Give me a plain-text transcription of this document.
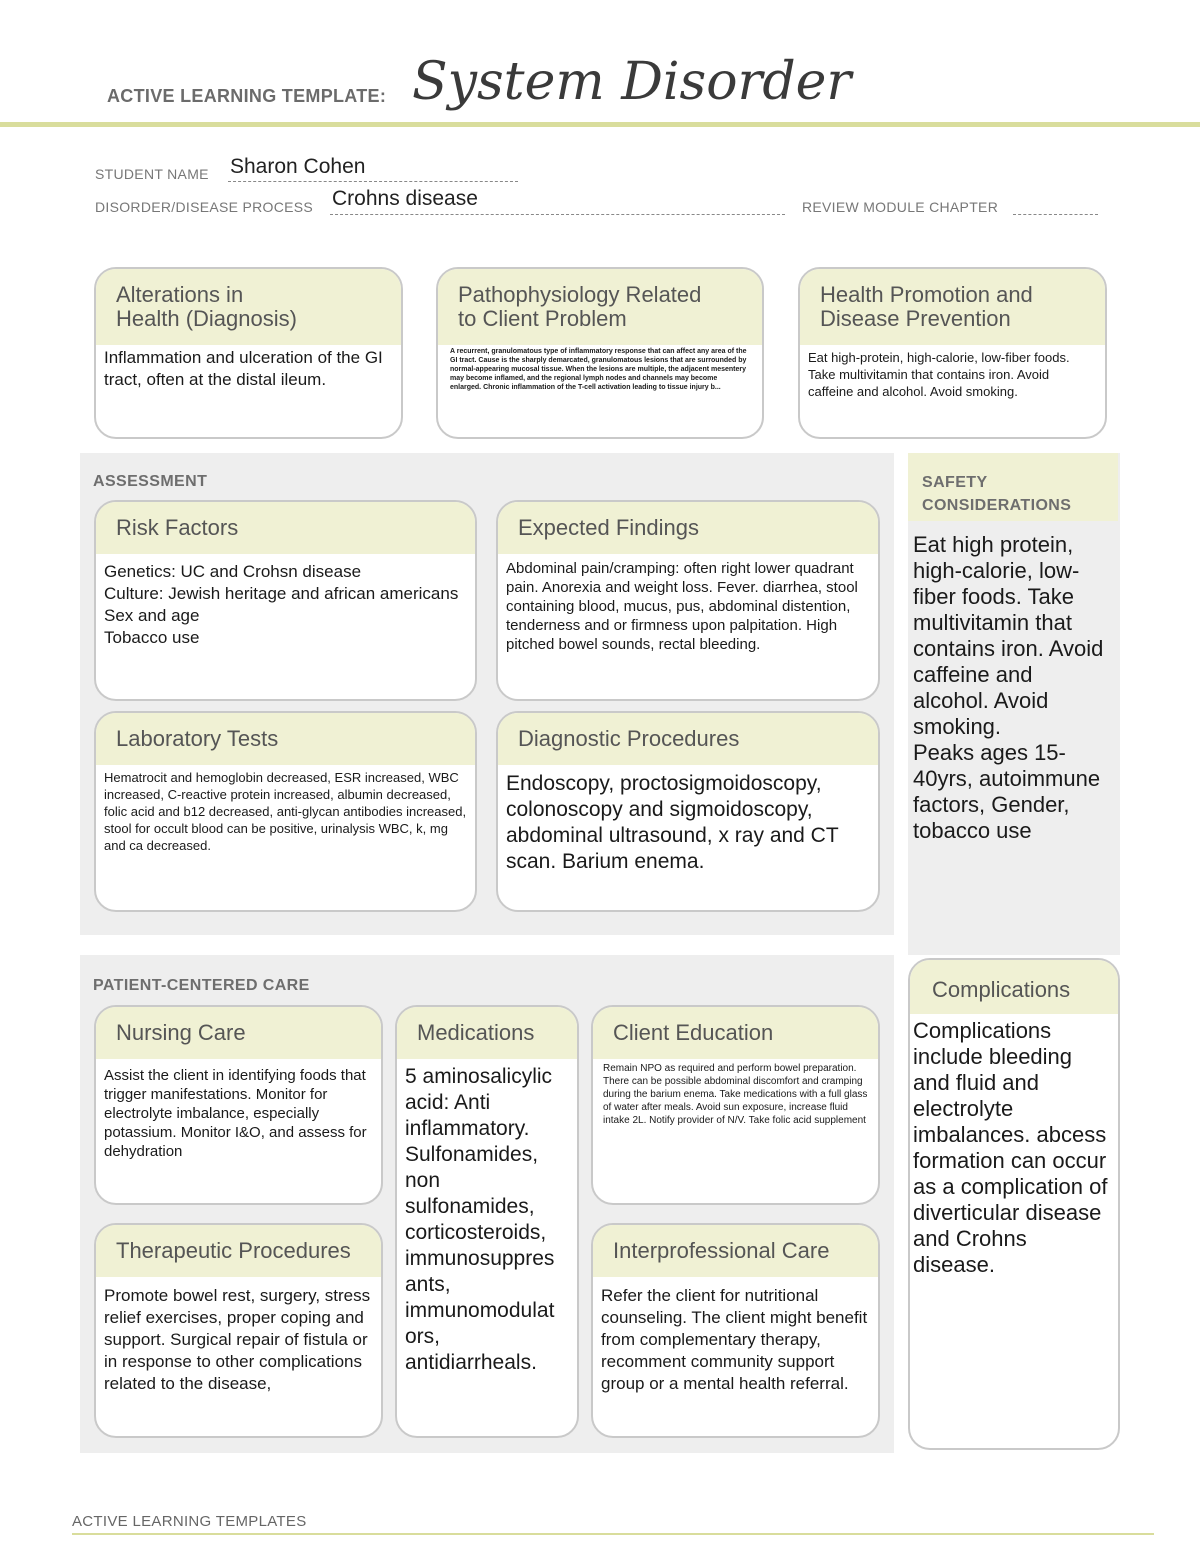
ACTIVE LEARNING TEMPLATE: System Disorder
STUDENT NAME Sharon Cohen
DISORDER/DISEASE PROCESS Crohns disease	REVIEW MODULE CHAPTER
Alterations in
Health (Diagnosis)
Inflammation and ulceration of the GI tract, often at the distal ileum.
Pathophysiology Related
to Client Problem
A recurrent, granulomatous type of inflammatory response that can affect any area of the GI tract. Cause is the sharply demarcated, granulomatous lesions that are surrounded by normal-appearing mucosal tissue. When the lesions are multiple, the adjacent mesentery may become inflamed, and the regional lymph nodes and channels may become enlarged. Chronic inflammation of the T-cell activation leading to tissue injury b...
Health Promotion and
Disease Prevention
Eat high-protein, high-calorie, low-fiber foods. Take multivitamin that contains iron. Avoid caffeine and alcohol. Avoid smoking.
ASSESSMENT
Risk Factors
Genetics: UC and Crohsn disease
Culture: Jewish heritage and african americans
Sex and age
Tobacco use
Expected Findings
Abdominal pain/cramping: often right lower quadrant pain. Anorexia and weight loss. Fever. diarrhea, stool containing blood, mucus, pus, abdominal distention, tenderness and or firmness upon palpitation. High pitched bowel sounds, rectal bleeding.
Laboratory Tests
Hematrocit and hemoglobin decreased, ESR increased, WBC increased, C-reactive protein increased, albumin decreased, folic acid and b12 decreased, anti-glycan antibodies increased, stool for occult blood can be positive, urinalysis WBC, k, mg and ca decreased.
Diagnostic Procedures
Endoscopy, proctosigmoidoscopy, colonoscopy and sigmoidoscopy, abdominal ultrasound, x ray and CT scan. Barium enema.
SAFETY
CONSIDERATIONS
Eat high protein, high-calorie, low-fiber foods. Take multivitamin that contains iron. Avoid caffeine and alcohol. Avoid smoking.
Peaks ages 15-40yrs, autoimmune factors, Gender, tobacco use
PATIENT-CENTERED CARE
Nursing Care
Assist the client in identifying foods that trigger manifestations. Monitor for electrolyte imbalance, especially potassium. Monitor I&O, and assess for dehydration
Medications
5 aminosalicylic acid: Anti inflammatory. Sulfonamides, non sulfonamides, corticosteroids, immunosuppres ants, immunomodulat ors, antidiarrheals.
Client Education
Remain NPO as required and perform bowel preparation. There can be possible abdominal discomfort and cramping during the barium enema. Take medications with a full glass of water after meals. Avoid sun exposure, increase fluid intake 2L. Notify provider of N/V. Take folic acid supplement
Therapeutic Procedures
Promote bowel rest, surgery, stress relief exercises, proper coping and support. Surgical repair of fistula or in response to other complications related to the disease,
Interprofessional Care
Refer the client for nutritional counseling. The client might benefit from complementary therapy, recomment community support group or a mental health referral.
Complications
Complications include bleeding and fluid and electrolyte imbalances. abcess formation can occur as a complication of diverticular disease and Crohns disease.
ACTIVE LEARNING TEMPLATES
